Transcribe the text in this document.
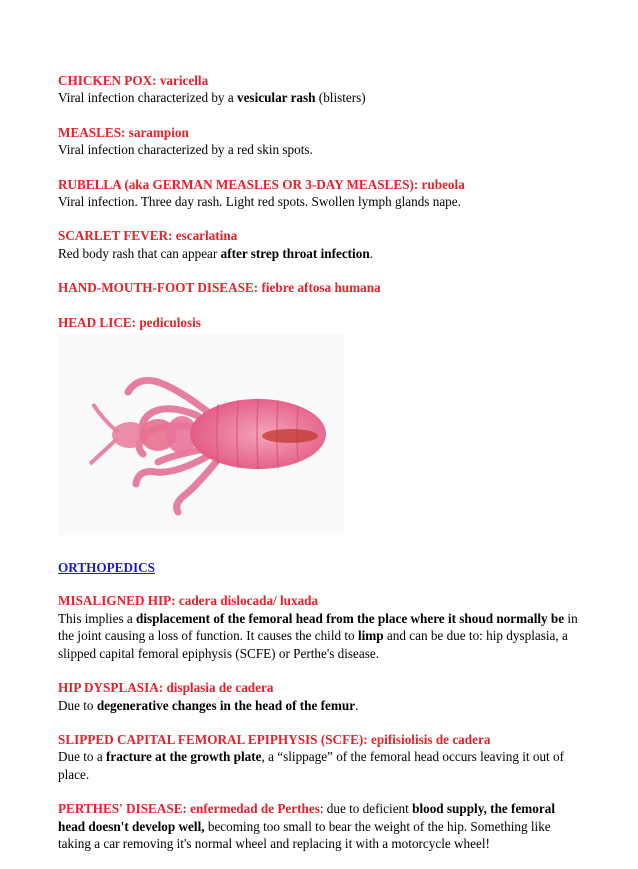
CHICKEN POX: varicella
Viral infection characterized by a vesicular rash (blisters)
MEASLES: sarampion
Viral infection characterized by a red skin spots.
RUBELLA (aka GERMAN MEASLES OR 3-DAY MEASLES): rubeola
Viral infection. Three day rash. Light red spots. Swollen lymph glands nape.
SCARLET FEVER: escarlatina
Red body rash that can appear after strep throat infection.
HAND-MOUTH-FOOT DISEASE: fiebre aftosa humana
HEAD LICE: pediculosis
ORTHOPEDICS
MISALIGNED HIP: cadera dislocada/ luxada
This implies a displacement of the femoral head from the place where it shoud normally be in the joint causing a loss of function. It causes the child to limp and can be due to: hip dysplasia, a slipped capital femoral epiphysis (SCFE) or Perthe's disease.
HIP DYSPLASIA: displasia de cadera
Due to degenerative changes in the head of the femur.
SLIPPED CAPITAL FEMORAL EPIPHYSIS (SCFE): epifisiolisis de cadera
Due to a fracture at the growth plate, a “slippage” of the femoral head occurs leaving it out of place.
PERTHES' DISEASE: enfermedad de Perthes: due to deficient blood supply, the femoral head doesn't develop well, becoming too small to bear the weight of the hip. Something like taking a car removing it's normal wheel and replacing it with a motorcycle wheel!
